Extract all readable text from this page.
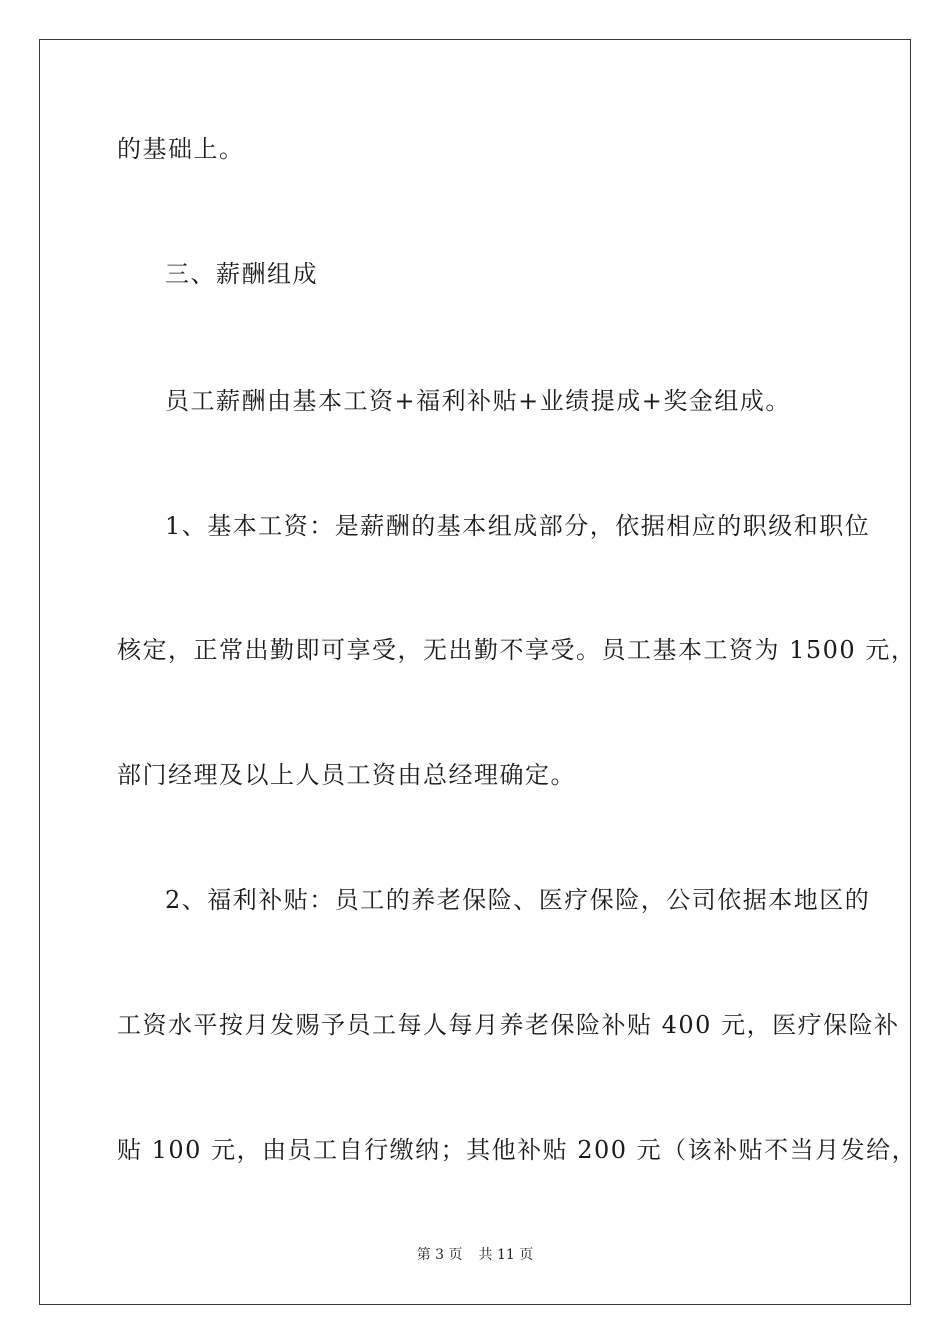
的基础上。
三、薪酬组成
员工薪酬由基本工资+福利补贴+业绩提成+奖金组成。
1、基本工资：是薪酬的基本组成部分，依据相应的职级和职位
核定，正常出勤即可享受，无出勤不享受。员工基本工资为 1500 元，
部门经理及以上人员工资由总经理确定。
2、福利补贴：员工的养老保险、医疗保险，公司依据本地区的
工资水平按月发赐予员工每人每月养老保险补贴 400 元，医疗保险补
贴 100 元，由员工自行缴纳；其他补贴 200 元（该补贴不当月发给，
第 3 页 共 11 页
